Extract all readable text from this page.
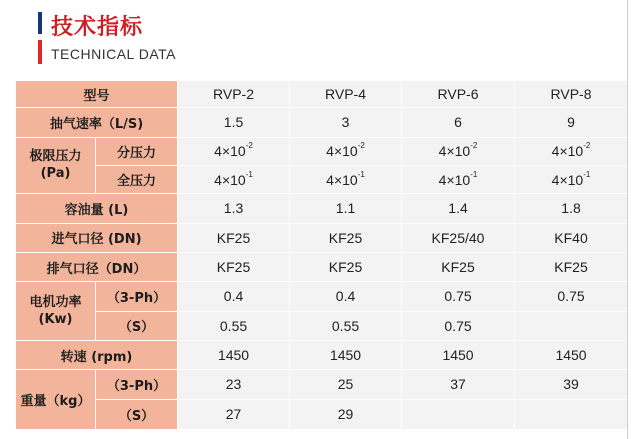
技术指标
TECHNICAL DATA
型号		RVP-2	RVP-4	RVP-6	RVP-8
抽气速率（L/S)		1.5	3	6	9
极限压力
(Pa)	分压力	$4\times 10^{-2}$	$4\times 10^{-2}$	$4\times 10^{-2}$	$4\times 10^{-2}$
	全压力	$4\times 10^{-1}$	$4\times 10^{-1}$	$4\times 10^{-1}$	$4\times 10^{-1}$
容油量 (L)		1.3	1.1	1.4	1.8
进气口径 (DN)		KF25	KF25	KF25/40	KF40
排气口径（DN）		KF25	KF25	KF25	KF25
电机功率
(Kw)	（3-Ph）	0.4	0.4	0.75	0.75
	（S）	0.55	0.55	0.75	
转速 (rpm)		1450	1450	1450	1450
重量（kg）	（3-Ph）	23	25	37	39
	（S）	27	29		
